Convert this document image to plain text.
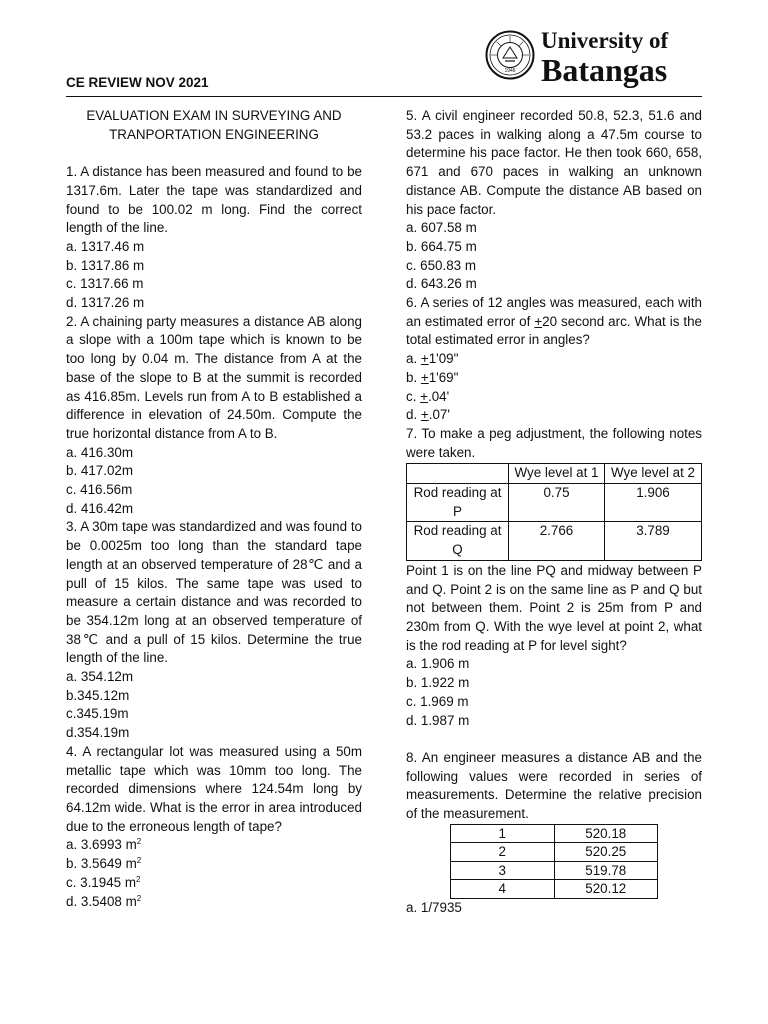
CE REVIEW NOV 2021
1946
University of
Batangas
EVALUATION EXAM IN SURVEYING AND
TRANPORTATION ENGINEERING
1. A distance has been measured and found to be 1317.6m. Later the tape was standardized and found to be 100.02 m long. Find the correct length of the line.
a. 1317.46 m
b. 1317.86 m
c. 1317.66 m
d. 1317.26 m
2. A chaining party measures a distance AB along a slope with a 100m tape which is known to be too long by 0.04 m. The distance from A at the base of the slope to B at the summit is recorded as 416.85m. Levels run from A to B established a difference in elevation of 24.50m. Compute the true horizontal distance from A to B.
a. 416.30m
b. 417.02m
c. 416.56m
d. 416.42m
3. A 30m tape was standardized and was found to be 0.0025m too long than the standard tape length at an observed temperature of 28℃ and a pull of 15 kilos. The same tape was used to measure a certain distance and was recorded to be 354.12m long at an observed temperature of 38℃ and a pull of 15 kilos. Determine the true length of the line.
a. 354.12m
b.345.12m
c.345.19m
d.354.19m
4. A rectangular lot was measured using a 50m metallic tape which was 10mm too long. The recorded dimensions where 124.54m long by 64.12m wide. What is the error in area introduced due to the erroneous length of tape?
a. 3.6993 $m^2$
b. 3.5649 $m^2$
c. 3.1945 $m^2$
d. 3.5408 $m^2$
5. A civil engineer recorded 50.8, 52.3, 51.6 and 53.2 paces in walking along a 47.5m course to determine his pace factor. He then took 660, 658, 671 and 670 paces in walking an unknown distance AB. Compute the distance AB based on his pace factor.
a. 607.58 m
b. 664.75 m
c. 650.83 m
d. 643.26 m
6. A series of 12 angles was measured, each with an estimated error of +20 second arc. What is the total estimated error in angles?
a. +1'09"
b. +1'69"
c. +.04'
d. +.07'
7. To make a peg adjustment, the following notes were taken.
	Wye level at 1	Wye level at 2
Rod reading at P	0.75	1.906
Rod reading at Q	2.766	3.789
Point 1 is on the line PQ and midway between P and Q. Point 2 is on the same line as P and Q but not between them. Point 2 is 25m from P and 230m from Q. With the wye level at point 2, what is the rod reading at P for level sight?
a. 1.906 m
b. 1.922 m
c. 1.969 m
d. 1.987 m
8. An engineer measures a distance AB and the following values were recorded in series of measurements. Determine the relative precision of the measurement.
1	520.18
2	520.25
3	519.78
4	520.12
a. 1/7935
